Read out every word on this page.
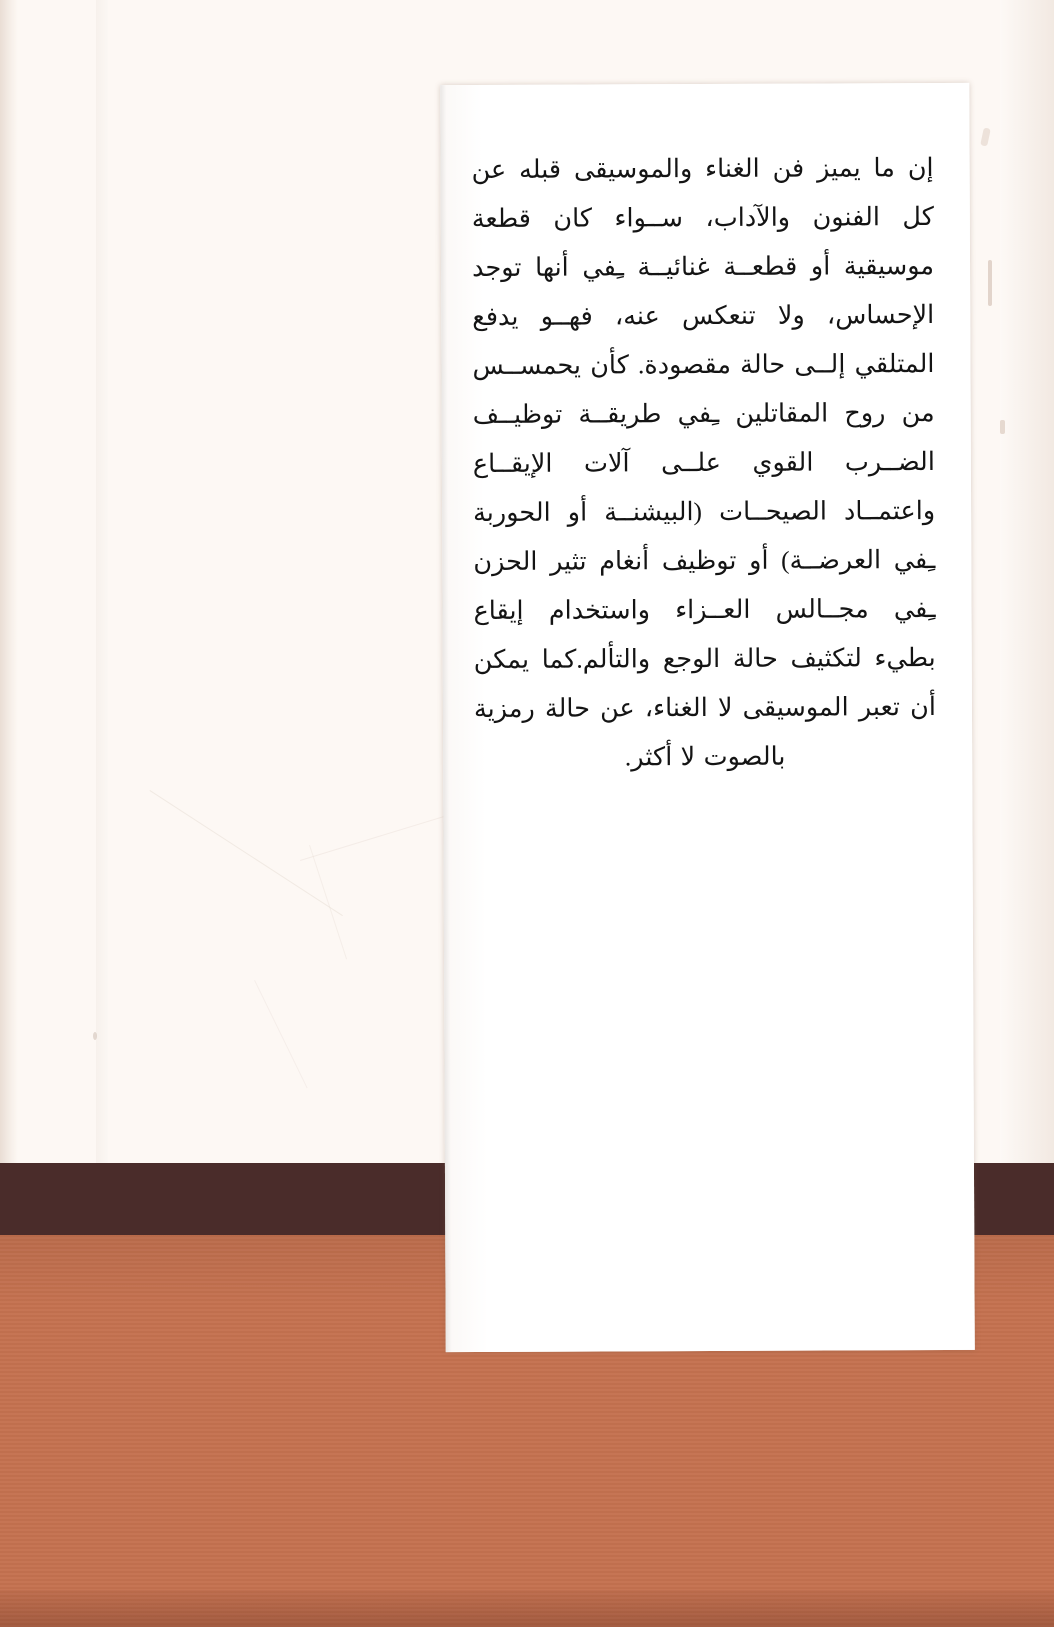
إن ما يميز فن الغناء والموسيقى قبله عن كل الفنون والآداب، ســواء كان قطعة موسيقية أو قطعــة غنائيــة ـِفي أنها توجد الإحساس، ولا تنعكس عنه، فهــو يدفع المتلقي إلــى حالة مقصودة. كأن يحمســس من روح المقاتلين ـِفي طريقــة توظيــف الضــرب القوي علــى آلات الإيقــاع واعتمــاد الصيحــات (البيشنــة أو الحوربة ـِفي العرضــة) أو توظيف أنغام تثير الحزن ـِفي مجــالس العــزاء واستخدام إيقاع بطيء لتكثيف حالة الوجع والتألم.كما يمكن أن تعبر الموسيقى لا الغناء، عن حالة رمزية بالصوت لا أكثر.
